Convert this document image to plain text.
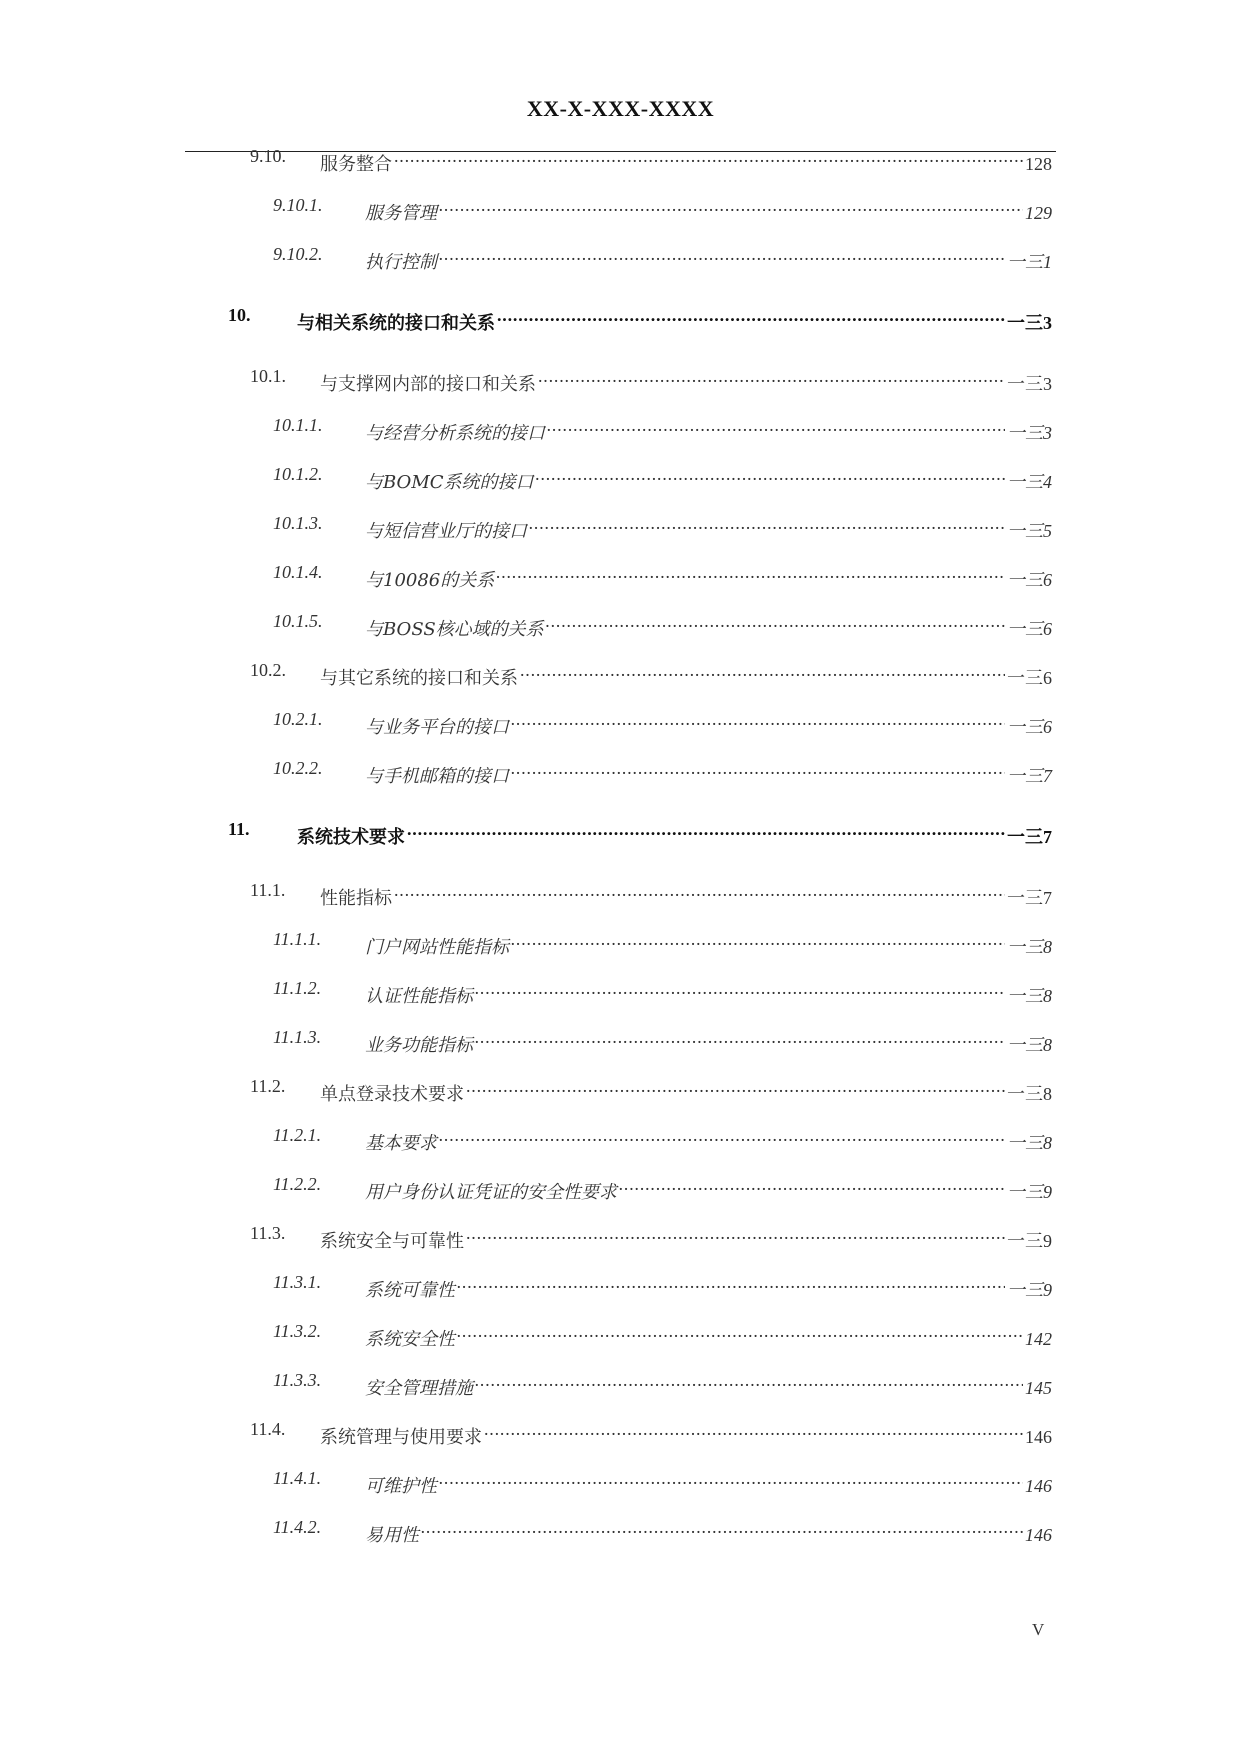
XX-X-XXX-XXXX
9.10. 服务整合 .....	128
9.10.1. 服务管理 .....	129
9.10.2. 执行控制 .....	一三1
10.	与相关系统的接口和关系 .....	一三3
10.1. 与支撑网内部的接口和关系 .....	一三3
10.1.1. 与经营分析系统的接口 .....	一三3
10.1.2. 与BOMC系统的接口 .....	一三4
10.1.3. 与短信营业厅的接口 .....	一三5
10.1.4. 与10086的关系 .....	一三6
10.1.5. 与BOSS核心域的关系 .....	一三6
10.2. 与其它系统的接口和关系 .....	一三6
10.2.1. 与业务平台的接口 .....	一三6
10.2.2. 与手机邮箱的接口 .....	一三7
11.	系统技术要求 .....	一三7
11.1. 性能指标 .....	一三7
11.1.1. 门户网站性能指标 .....	一三8
11.1.2. 认证性能指标 .....	一三8
11.1.3. 业务功能指标 .....	一三8
11.2. 单点登录技术要求 .....	一三8
11.2.1. 基本要求 .....	一三8
11.2.2. 用户身份认证凭证的安全性要求 .....	一三9
11.3. 系统安全与可靠性 .....	一三9
11.3.1. 系统可靠性 .....	一三9
11.3.2. 系统安全性 .....	142
11.3.3. 安全管理措施 .....	145
11.4. 系统管理与使用要求 .....	146
11.4.1. 可维护性 .....	146
11.4.2. 易用性 .....	146
V
